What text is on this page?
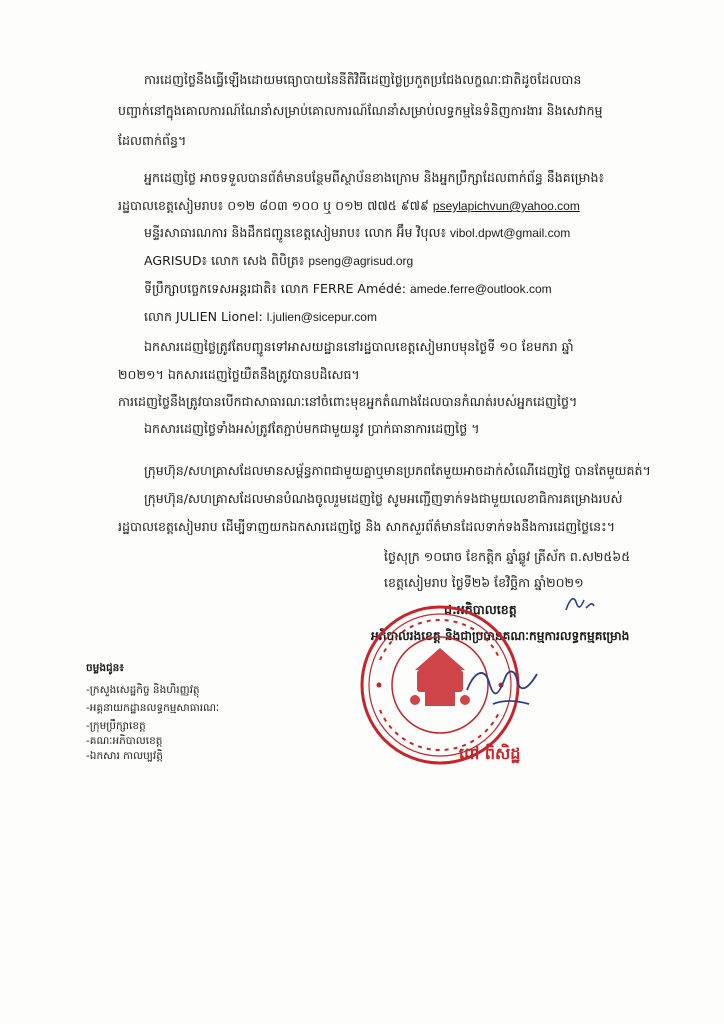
ការដេញថ្លៃនឹងធ្វើឡើងដោយមធ្យោបាយនៃនីតិវិធីដេញថ្លៃប្រកួតប្រជែងលក្ខណៈជាតិដូចដែលបាន
បញ្ជាក់នៅក្នុងគោលការណ៍ណែនាំសម្រាប់គោលការណ៍ណែនាំសម្រាប់លទ្ធកម្មនៃទំនិញការងារ និងសេវាកម្ម
ដែលពាក់ព័ន្ធ។
អ្នកដេញថ្លៃ អាចទទួលបានព័ត៌មានបន្ថែមពីស្ថាប័នខាងក្រោម និងអ្នកប្រឹក្សាដែលពាក់ព័ន្ធ នឹងគម្រោង៖
រដ្ឋបាលខេត្តសៀមរាប៖ ០១២ ៨០៣ ១០០ ឬ ០១២ ៧៧៥ ៩៧៩ pseylapichvun@yahoo.com
មន្ទីរសាធារណការ និងដឹកជញ្ជូនខេត្តសៀមរាប៖ លោក អ៊ឹម វិបុល៖ vibol.dpwt@gmail.com
AGRISUD៖ លោក សេង ពិបិត្រ៖ pseng@agrisud.org
ទីប្រឹក្សាបច្ចេកទេសអន្តរជាតិ៖ លោក FERRE Amédé: amede.ferre@outlook.com
លោក JULIEN Lionel: l.julien@sicepur.com
ឯកសារដេញថ្លៃត្រូវតែបញ្ជូនទៅអាសយដ្ឋាននៅរដ្ឋបាលខេត្តសៀមរាបមុនថ្ងៃទី ១០ ខែមករា ឆ្នាំ
២០២១។ ឯកសារដេញថ្លៃយឺតនឹងត្រូវបានបដិសេធ។
ការដេញថ្លៃនឹងត្រូវបានបើកជាសាធារណៈនៅចំពោះមុខអ្នកតំណាងដែលបានកំណត់របស់អ្នកដេញថ្លៃ។
ឯកសារដេញថ្លៃទាំងអស់ត្រូវតែភ្ជាប់មកជាមួយនូវ ប្រាក់ធានាការដេញថ្លៃ ។
ក្រុមហ៊ុន/សហគ្រាសដែលមានសម្ព័ន្ធភាពជាមួយគ្នាឬមានប្រភពតែមួយអាចដាក់សំណើដេញថ្លៃ បានតែមួយគត់។
ក្រុមហ៊ុន/សហគ្រាសដែលមានបំណងចូលរួមដេញថ្លៃ សូមអញ្ជើញទាក់ទងជាមួយលេខាធិការគម្រោងរបស់
រដ្ឋបាលខេត្តសៀមរាប ដើម្បីទាញយកឯកសារដេញថ្លៃ និង សាកសួរព័ត៌មានដែលទាក់ទងនឹងការដេញថ្លៃនេះ។
ថ្ងៃសុក្រ ១០រោច ខែកត្តិក ឆ្នាំឆ្លូវ ត្រីស័ក ព.ស២៥៦៥
ខេត្តសៀមរាប ថ្ងៃទី២៦ ខែវិច្ឆិកា ឆ្នាំ២០២១
ជ.អភិបាលខេត្ត
អភិបាលរងខេត្ត និងជាប្រធានគណៈកម្មការលទ្ធកម្មគម្រោង
ពៅ ពិសិដ្ឋ
ចម្លងជូន៖
-ក្រសួងសេដ្ឋកិច្ច និងហិរញ្ញវត្ថុ
-អគ្គនាយកដ្ឋានលទ្ធកម្មសាធារណៈ
-ក្រុមប្រឹក្សាខេត្ត
-គណៈអភិបាលខេត្ត
-ឯកសារ កាលប្បវត្តិ
